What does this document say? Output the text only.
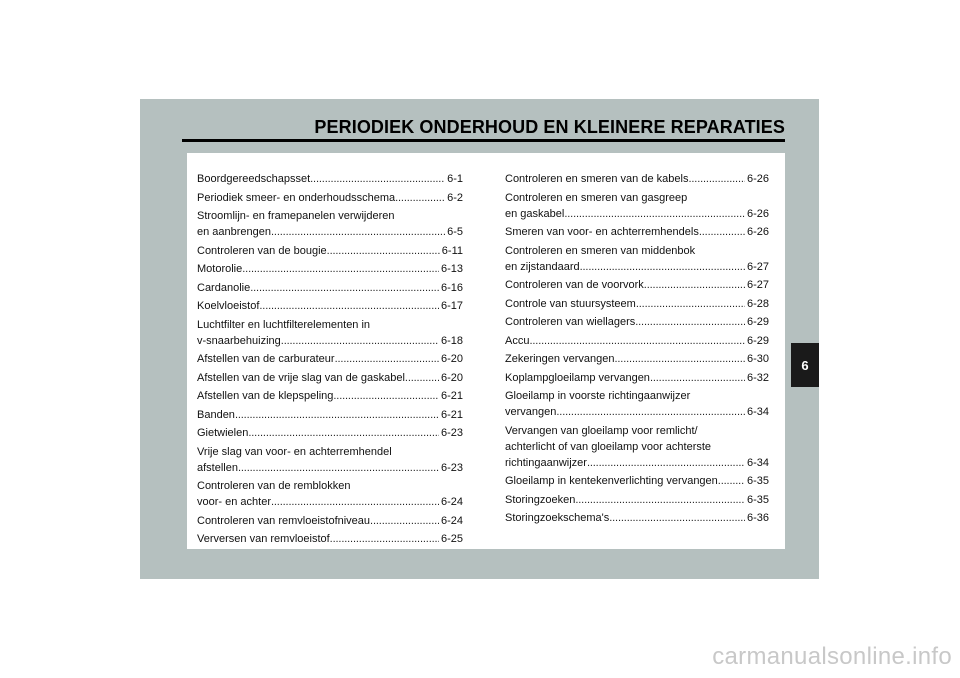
PERIODIEK ONDERHOUD EN KLEINERE REPARATIES
Boordgereedschapsset . . .	6-1
Periodiek smeer- en onderhoudsschema . . .	6-2
Stroomlijn- en framepanelen verwijderen
en aanbrengen . . .	6-5
Controleren van de bougie . . .	6-11
Motorolie . . .	6-13
Cardanolie . . .	6-16
Koelvloeistof . . .	6-17
Luchtfilter en luchtfilterelementen in
v-snaarbehuizing . . .	6-18
Afstellen van de carburateur . . .	6-20
Afstellen van de vrije slag van de gaskabel . . .	6-20
Afstellen van de klepspeling . . .	6-21
Banden . . .	6-21
Gietwielen . . .	6-23
Vrije slag van voor- en achterremhendel
afstellen . . .	6-23
Controleren van de remblokken
voor- en achter . . .	6-24
Controleren van remvloeistofniveau . . .	6-24
Verversen van remvloeistof . . .	6-25
Controleren en smeren van de kabels . . .	6-26
Controleren en smeren van gasgreep
en gaskabel . . .	6-26
Smeren van voor- en achterremhendels . . .	6-26
Controleren en smeren van middenbok
en zijstandaard . . .	6-27
Controleren van de voorvork . . .	6-27
Controle van stuursysteem . . .	6-28
Controleren van wiellagers . . .	6-29
Accu . . .	6-29
Zekeringen vervangen . . .	6-30
Koplampgloeilamp vervangen . . .	6-32
Gloeilamp in voorste richtingaanwijzer
vervangen . . .	6-34
Vervangen van gloeilamp voor remlicht/
achterlicht of van gloeilamp voor achterste
richtingaanwijzer . . .	6-34
Gloeilamp in kentekenverlichting vervangen . . .	6-35
Storingzoeken . . .	6-35
Storingzoekschema's . . .	6-36
6
carmanualsonline.info
